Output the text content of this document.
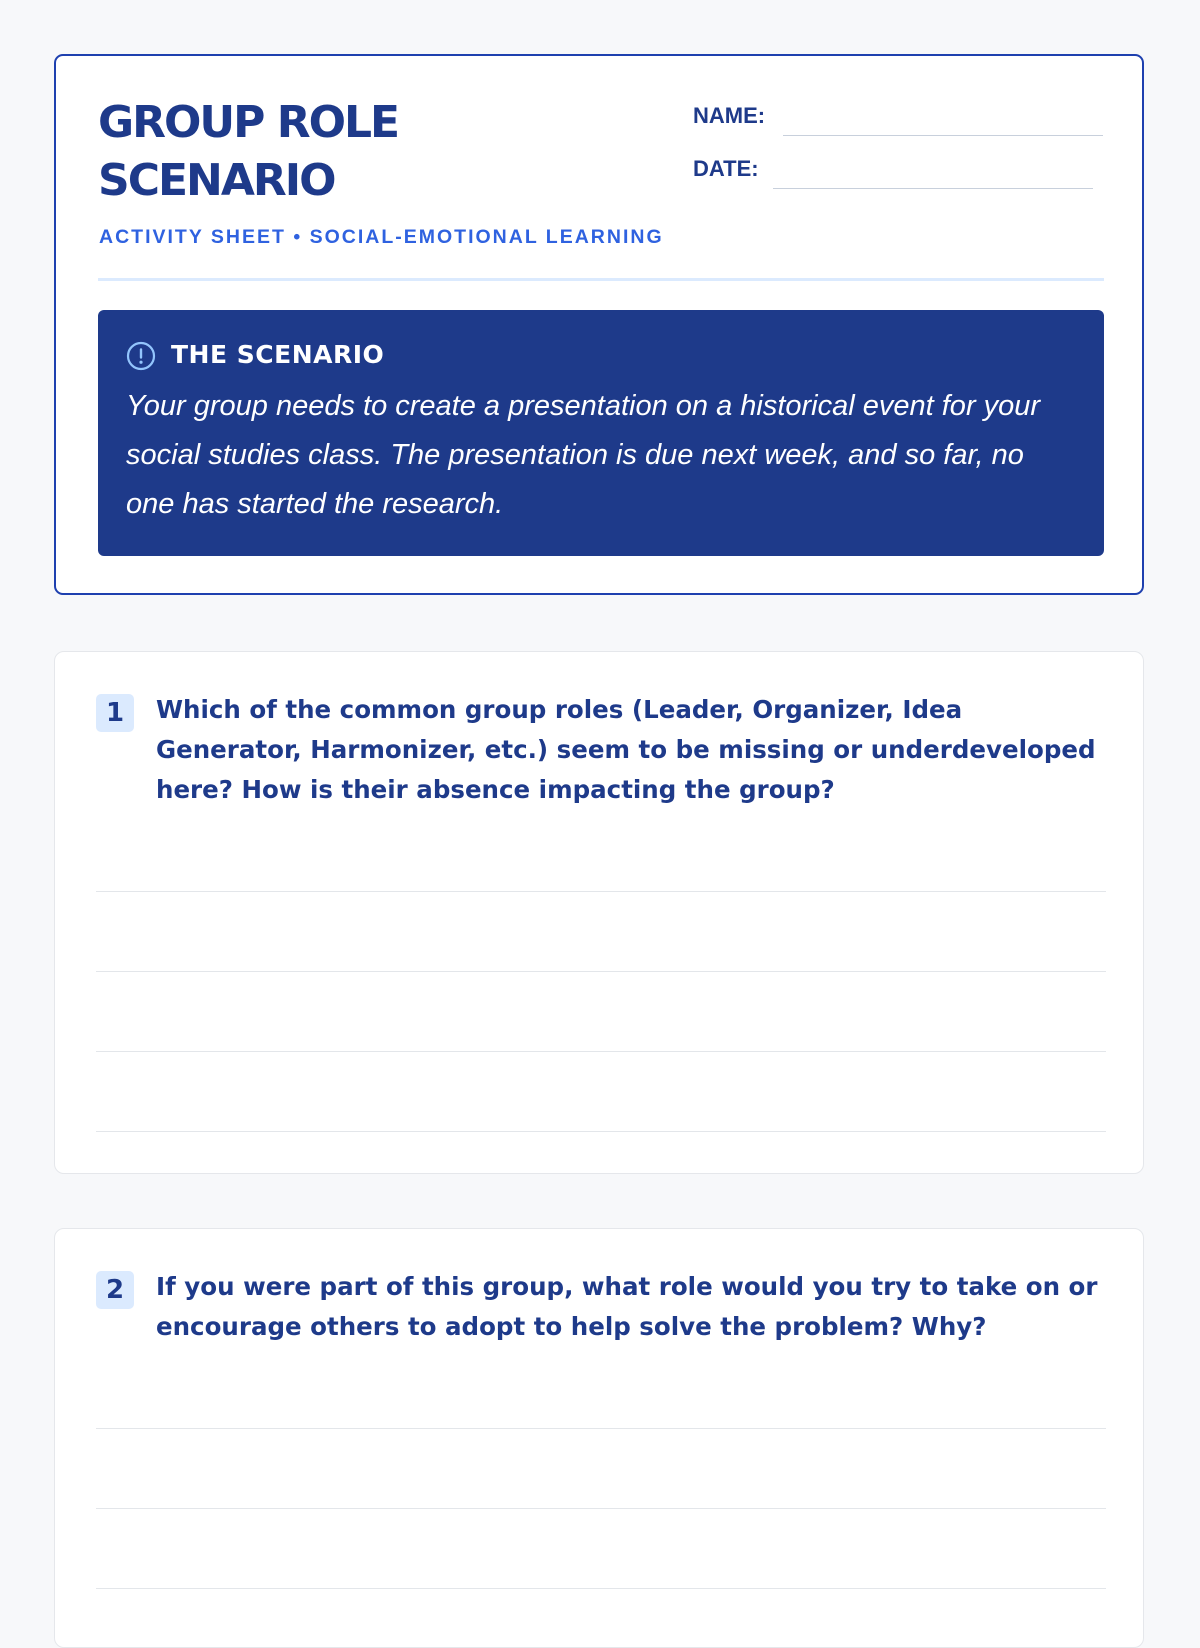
GROUP ROLE SCENARIO
ACTIVITY SHEET • SOCIAL-EMOTIONAL LEARNING
NAME:
DATE:
THE SCENARIO

Your group needs to create a presentation on a historical event for your social studies class. The presentation is due next week, and so far, no one has started the research.

1	Which of the common group roles (Leader, Organizer, Idea Generator, Harmonizer, etc.) seem to be missing or underdeveloped here? How is their absence impacting the group?

2	If you were part of this group, what role would you try to take on or encourage others to adopt to help solve the problem? Why?
